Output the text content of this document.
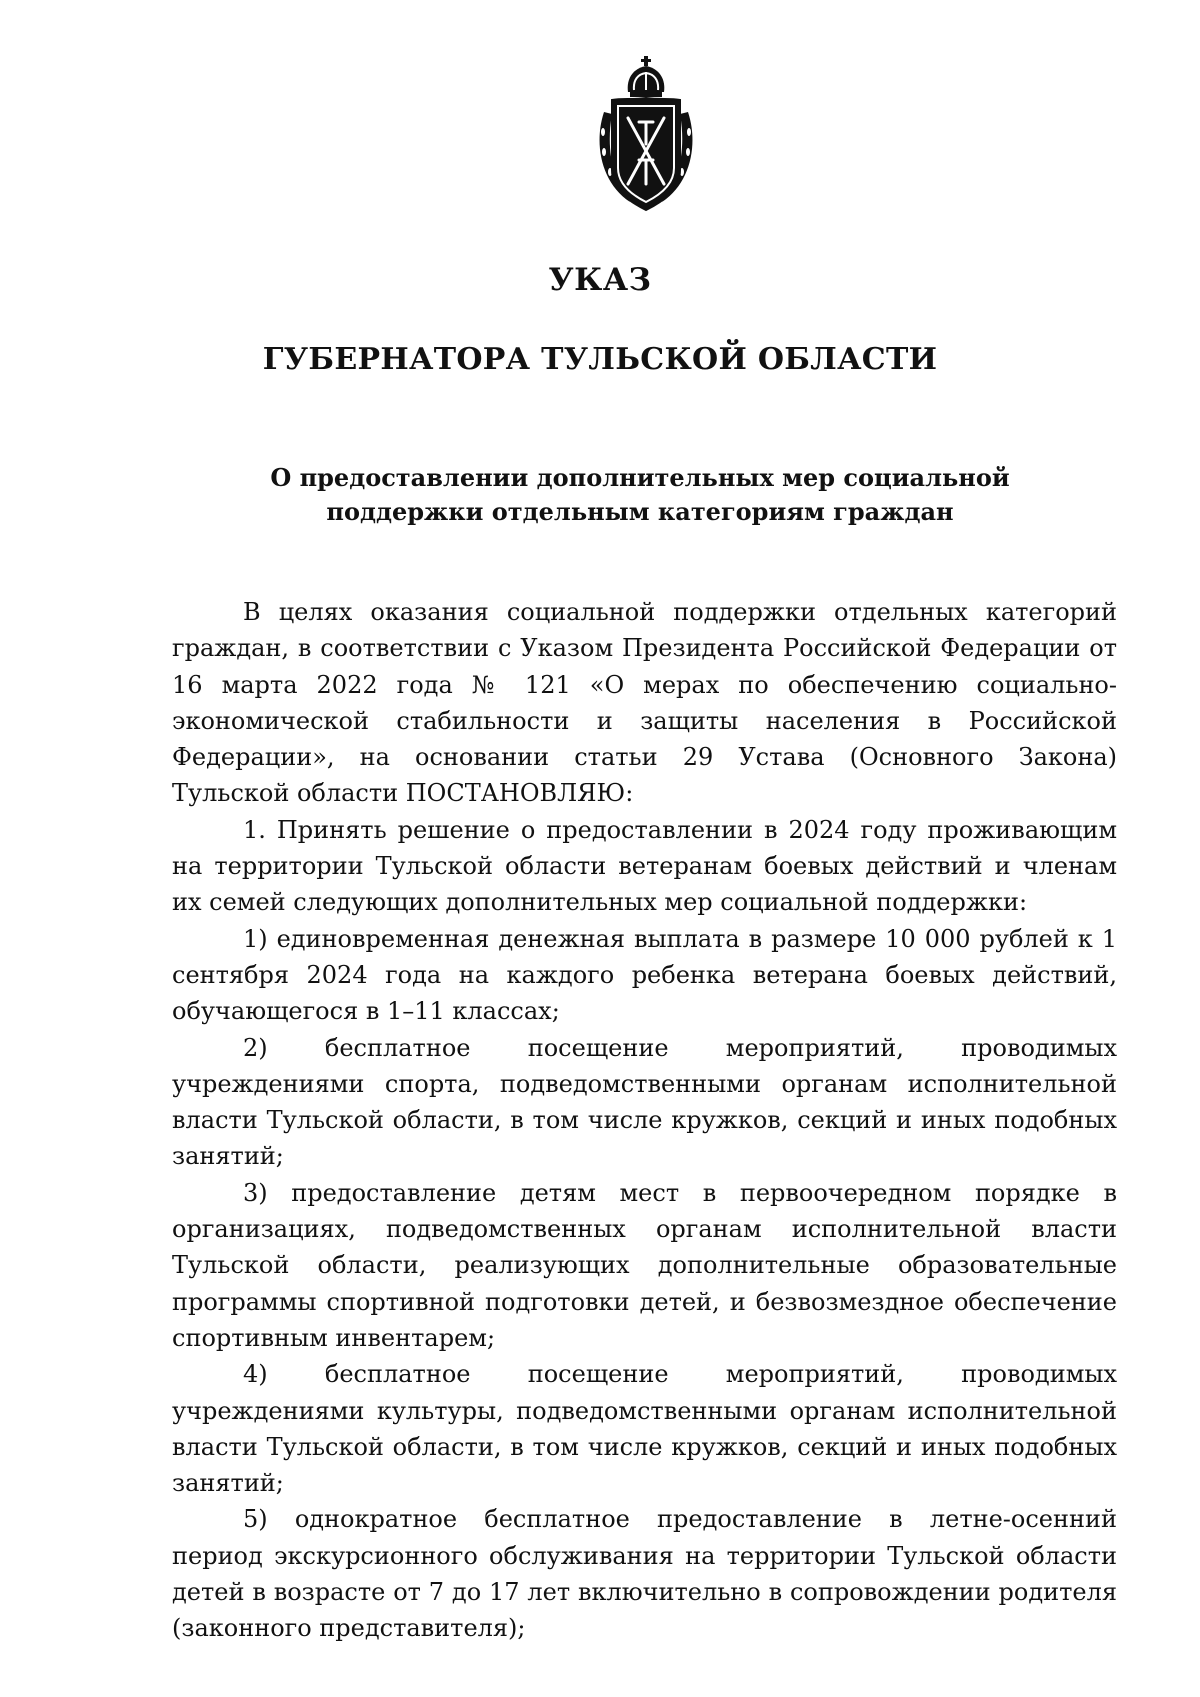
УКАЗ
ГУБЕРНАТОРА ТУЛЬСКОЙ ОБЛАСТИ
О предоставлении дополнительных мер социальной
поддержки отдельным категориям граждан

В целях оказания социальной поддержки отдельных категорий граждан, в соответствии с Указом Президента Российской Федерации от 16 марта 2022 года № 121 «О мерах по обеспечению социально-экономической стабильности и защиты населения в Российской Федерации», на основании статьи 29 Устава (Основного Закона) Тульской области ПОСТАНОВЛЯЮ:

1. Принять решение о предоставлении в 2024 году проживающим на территории Тульской области ветеранам боевых действий и членам их семей следующих дополнительных мер социальной поддержки:

1) единовременная денежная выплата в размере 10 000 рублей к 1 сентября 2024 года на каждого ребенка ветерана боевых действий, обучающегося в 1–11 классах;

2) бесплатное посещение мероприятий, проводимых учреждениями спорта, подведомственными органам исполнительной власти Тульской области, в том числе кружков, секций и иных подобных занятий;

3) предоставление детям мест в первоочередном порядке в организациях, подведомственных органам исполнительной власти Тульской области, реализующих дополнительные образовательные программы спортивной подготовки детей, и безвозмездное обеспечение спортивным инвентарем;

4) бесплатное посещение мероприятий, проводимых учреждениями культуры, подведомственными органам исполнительной власти Тульской области, в том числе кружков, секций и иных подобных занятий;

5) однократное бесплатное предоставление в летне-осенний период экскурсионного обслуживания на территории Тульской области детей в возрасте от 7 до 17 лет включительно в сопровождении родителя (законного представителя);
